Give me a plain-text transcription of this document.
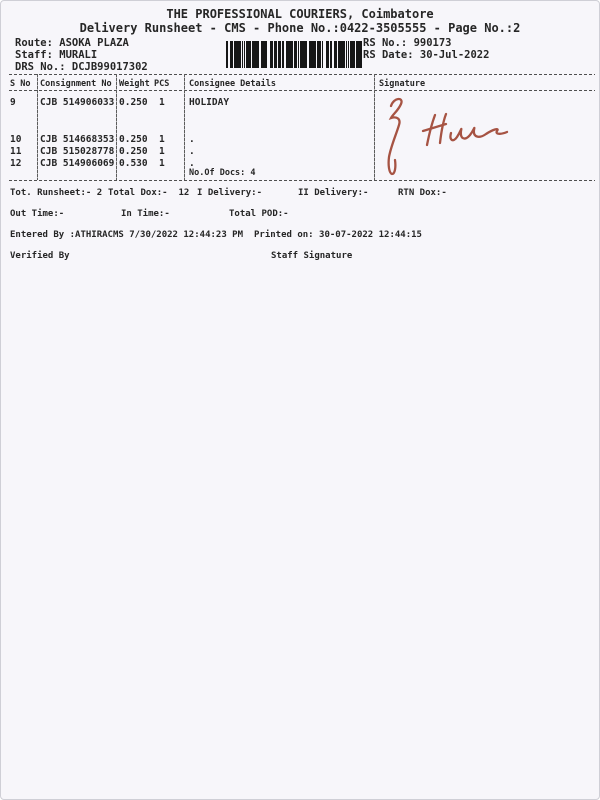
THE PROFESSIONAL COURIERS, Coimbatore
Delivery Runsheet - CMS - Phone No.:0422-3505555 - Page No.:2
Route: ASOKA PLAZA
Staff: MURALI
DRS No.: DCJB99017302
RS No.: 990173
RS Date: 30-Jul-2022
S No Consignment No Weight PCS Consignee Details	Signature
9	CJB 514906033 0.250 1	HOLIDAY
10 CJB 514668353 0.250 1	.
11 CJB 515028778 0.250 1	.
12 CJB 514906069 0.530 1	.
No.Of Docs: 4
Tot. Runsheet:- 2 Total Dox:-  12 I Delivery:-	II Delivery:-	RTN Dox:-
Out Time:-	In Time:-	Total POD:-
Entered By :ATHIRACMS 7/30/2022 12:44:23 PM Printed on: 30-07-2022 12:44:15
Verified By	Staff Signature
